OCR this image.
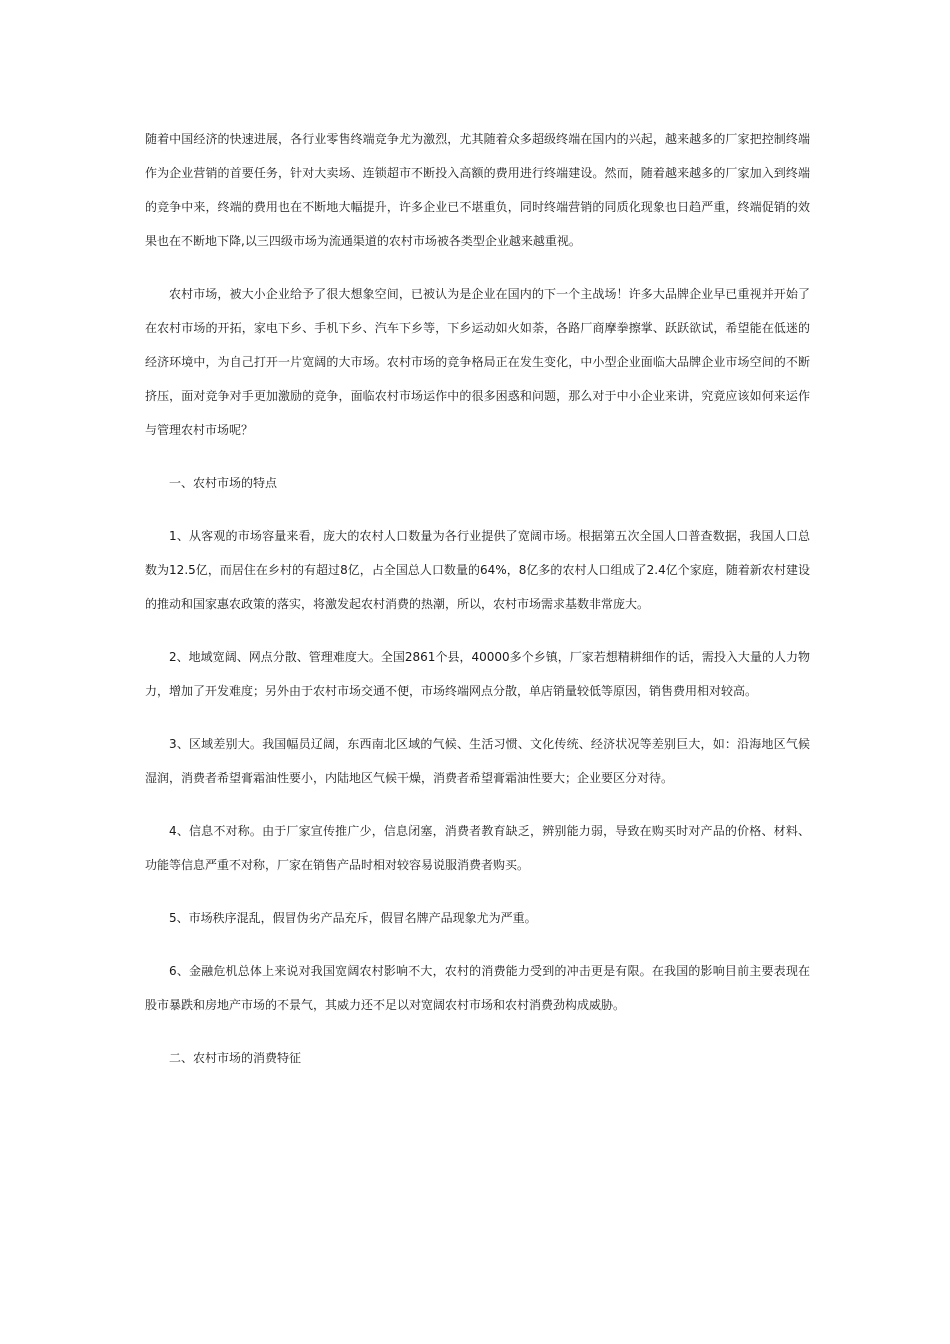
随着中国经济的快速进展，各行业零售终端竞争尤为激烈，尤其随着众多超级终端在国内的兴起，越来越多的厂家把控制终端作为企业营销的首要任务，针对大卖场、连锁超市不断投入高额的费用进行终端建设。然而，随着越来越多的厂家加入到终端的竞争中来，终端的费用也在不断地大幅提升，许多企业已不堪重负，同时终端营销的同质化现象也日趋严重，终端促销的效果也在不断地下降,以三四级市场为流通渠道的农村市场被各类型企业越来越重视。

农村市场，被大小企业给予了很大想象空间，已被认为是企业在国内的下一个主战场！许多大品牌企业早已重视并开始了在农村市场的开拓，家电下乡、手机下乡、汽车下乡等，下乡运动如火如荼，各路厂商摩拳擦掌、跃跃欲试，希望能在低迷的经济环境中，为自己打开一片宽阔的大市场。农村市场的竞争格局正在发生变化，中小型企业面临大品牌企业市场空间的不断挤压，面对竞争对手更加激励的竞争，面临农村市场运作中的很多困惑和问题，那么对于中小企业来讲，究竟应该如何来运作与管理农村市场呢？

一、农村市场的特点

1、从客观的市场容量来看，庞大的农村人口数量为各行业提供了宽阔市场。根据第五次全国人口普查数据，我国人口总数为12.5亿，而居住在乡村的有超过8亿，占全国总人口数量的64%，8亿多的农村人口组成了2.4亿个家庭，随着新农村建设的推动和国家惠农政策的落实，将激发起农村消费的热潮，所以，农村市场需求基数非常庞大。

2、地域宽阔、网点分散、管理难度大。全国2861个县，40000多个乡镇，厂家若想精耕细作的话，需投入大量的人力物力，增加了开发难度；另外由于农村市场交通不便，市场终端网点分散，单店销量较低等原因，销售费用相对较高。

3、区域差别大。我国幅员辽阔，东西南北区域的气候、生活习惯、文化传统、经济状况等差别巨大，如：沿海地区气候湿润，消费者希望膏霜油性要小，内陆地区气候干燥，消费者希望膏霜油性要大；企业要区分对待。

4、信息不对称。由于厂家宣传推广少，信息闭塞，消费者教育缺乏，辨别能力弱，导致在购买时对产品的价格、材料、功能等信息严重不对称，厂家在销售产品时相对较容易说服消费者购买。

5、市场秩序混乱，假冒伪劣产品充斥，假冒名牌产品现象尤为严重。

6、金融危机总体上来说对我国宽阔农村影响不大，农村的消费能力受到的冲击更是有限。在我国的影响目前主要表现在股市暴跌和房地产市场的不景气，其威力还不足以对宽阔农村市场和农村消费劲构成威胁。

二、农村市场的消费特征
